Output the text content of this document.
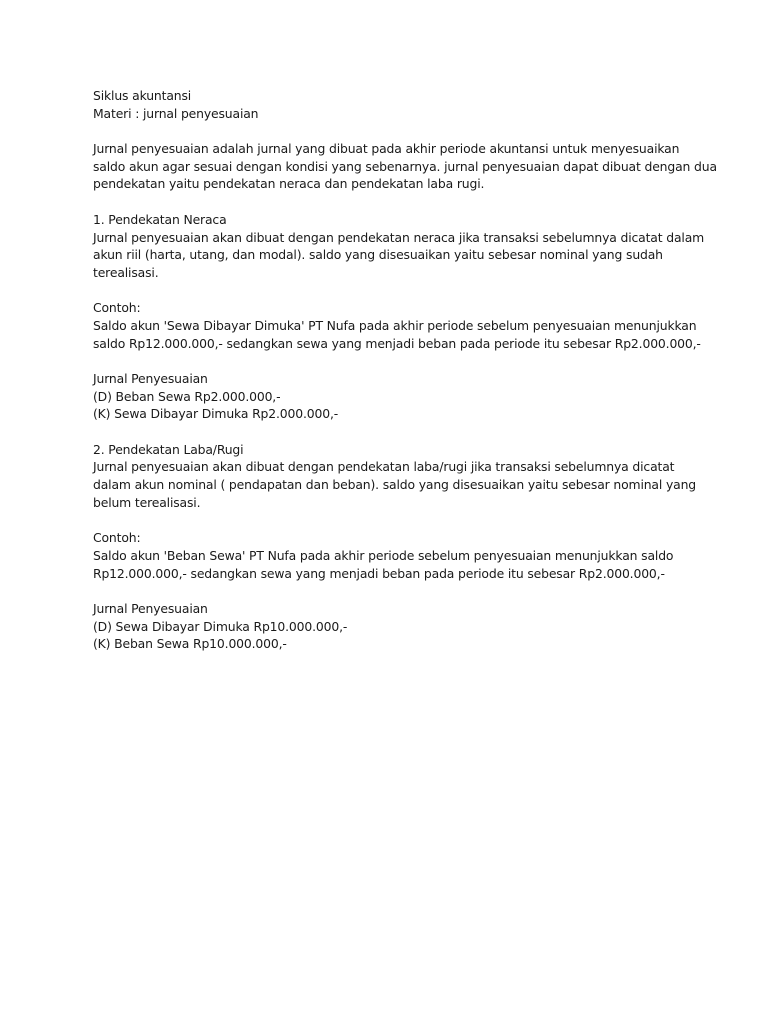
Siklus akuntansi
Materi : jurnal penyesuaian
Jurnal penyesuaian adalah jurnal yang dibuat pada akhir periode akuntansi untuk menyesuaikan
saldo akun agar sesuai dengan kondisi yang sebenarnya. jurnal penyesuaian dapat dibuat dengan dua
pendekatan yaitu pendekatan neraca dan pendekatan laba rugi.
1. Pendekatan Neraca
Jurnal penyesuaian akan dibuat dengan pendekatan neraca jika transaksi sebelumnya dicatat dalam
akun riil (harta, utang, dan modal). saldo yang disesuaikan yaitu sebesar nominal yang sudah
terealisasi.
Contoh:
Saldo akun 'Sewa Dibayar Dimuka' PT Nufa pada akhir periode sebelum penyesuaian menunjukkan
saldo Rp12.000.000,- sedangkan sewa yang menjadi beban pada periode itu sebesar Rp2.000.000,-
Jurnal Penyesuaian
(D) Beban Sewa Rp2.000.000,-
(K) Sewa Dibayar Dimuka Rp2.000.000,-
2. Pendekatan Laba/Rugi
Jurnal penyesuaian akan dibuat dengan pendekatan laba/rugi jika transaksi sebelumnya dicatat
dalam akun nominal ( pendapatan dan beban). saldo yang disesuaikan yaitu sebesar nominal yang
belum terealisasi.
Contoh:
Saldo akun 'Beban Sewa' PT Nufa pada akhir periode sebelum penyesuaian menunjukkan saldo
Rp12.000.000,- sedangkan sewa yang menjadi beban pada periode itu sebesar Rp2.000.000,-
Jurnal Penyesuaian
(D) Sewa Dibayar Dimuka Rp10.000.000,-
(K) Beban Sewa Rp10.000.000,-
